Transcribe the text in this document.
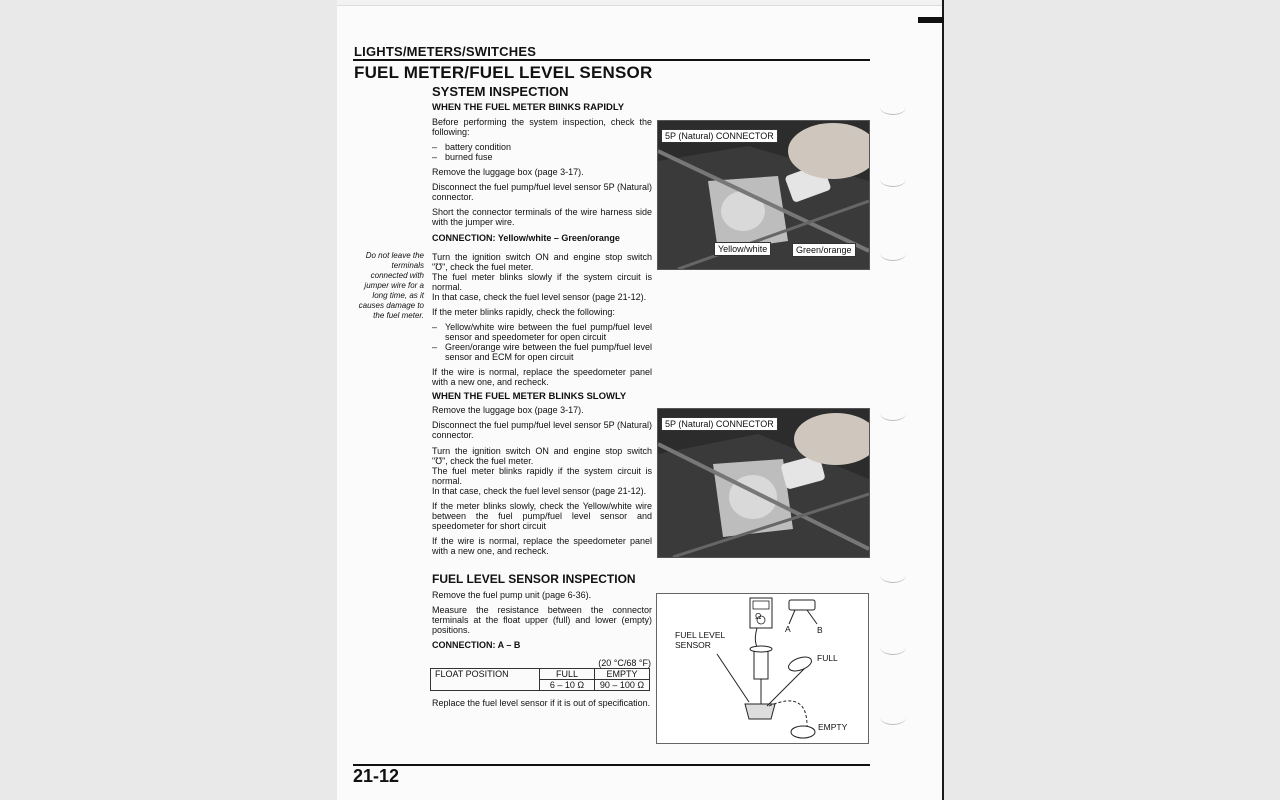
LIGHTS/METERS/SWITCHES
FUEL METER/FUEL LEVEL SENSOR
SYSTEM INSPECTION
WHEN THE FUEL METER BIINKS RAPIDLY
Before performing the system inspection, check the following:
– battery condition
– burned fuse
Remove the luggage box (page 3-17).
Disconnect the fuel pump/fuel level sensor 5P (Natural) connector.
Short the connector terminals of the wire harness side with the jumper wire.
CONNECTION: Yellow/white – Green/orange
Turn the ignition switch ON and engine stop switch "℧", check the fuel meter.
The fuel meter blinks slowly if the system circuit is normal.
In that case, check the fuel level sensor (page 21-12).
If the meter blinks rapidly, check the following:
– Yellow/white wire between the fuel pump/fuel level sensor and speedometer for open circuit
– Green/orange wire between the fuel pump/fuel level sensor and ECM for open circuit
If the wire is normal, replace the speedometer panel with a new one, and recheck.
Do not leave the terminals connected with jumper wire for a long time, as it causes damage to the fuel meter.
5P (Natural) CONNECTOR
Yellow/white	Green/orange
WHEN THE FUEL METER BLINKS SLOWLY
Remove the luggage box (page 3-17).
Disconnect the fuel pump/fuel level sensor 5P (Natural) connector.
Turn the ignition switch ON and engine stop switch "℧", check the fuel meter.
The fuel meter blinks rapidly if the system circuit is normal.
In that case, check the fuel level sensor (page 21-12).
If the meter blinks slowly, check the Yellow/white wire between the fuel pump/fuel level sensor and speedometer for short circuit
If the wire is normal, replace the speedometer panel with a new one, and recheck.
5P (Natural) CONNECTOR
FUEL LEVEL SENSOR INSPECTION
Remove the fuel pump unit (page 6-36).
Measure the resistance between the connector terminals at the float upper (full) and lower (empty) positions.
CONNECTION: A – B
(20 °C/68 °F)
FLOAT POSITION	FULL	EMPTY
	6 – 10 Ω	90 – 100 Ω
Replace the fuel level sensor if it is out of specification.
Ω
A	B
FUEL LEVEL SENSOR
FULL
EMPTY
21-12
